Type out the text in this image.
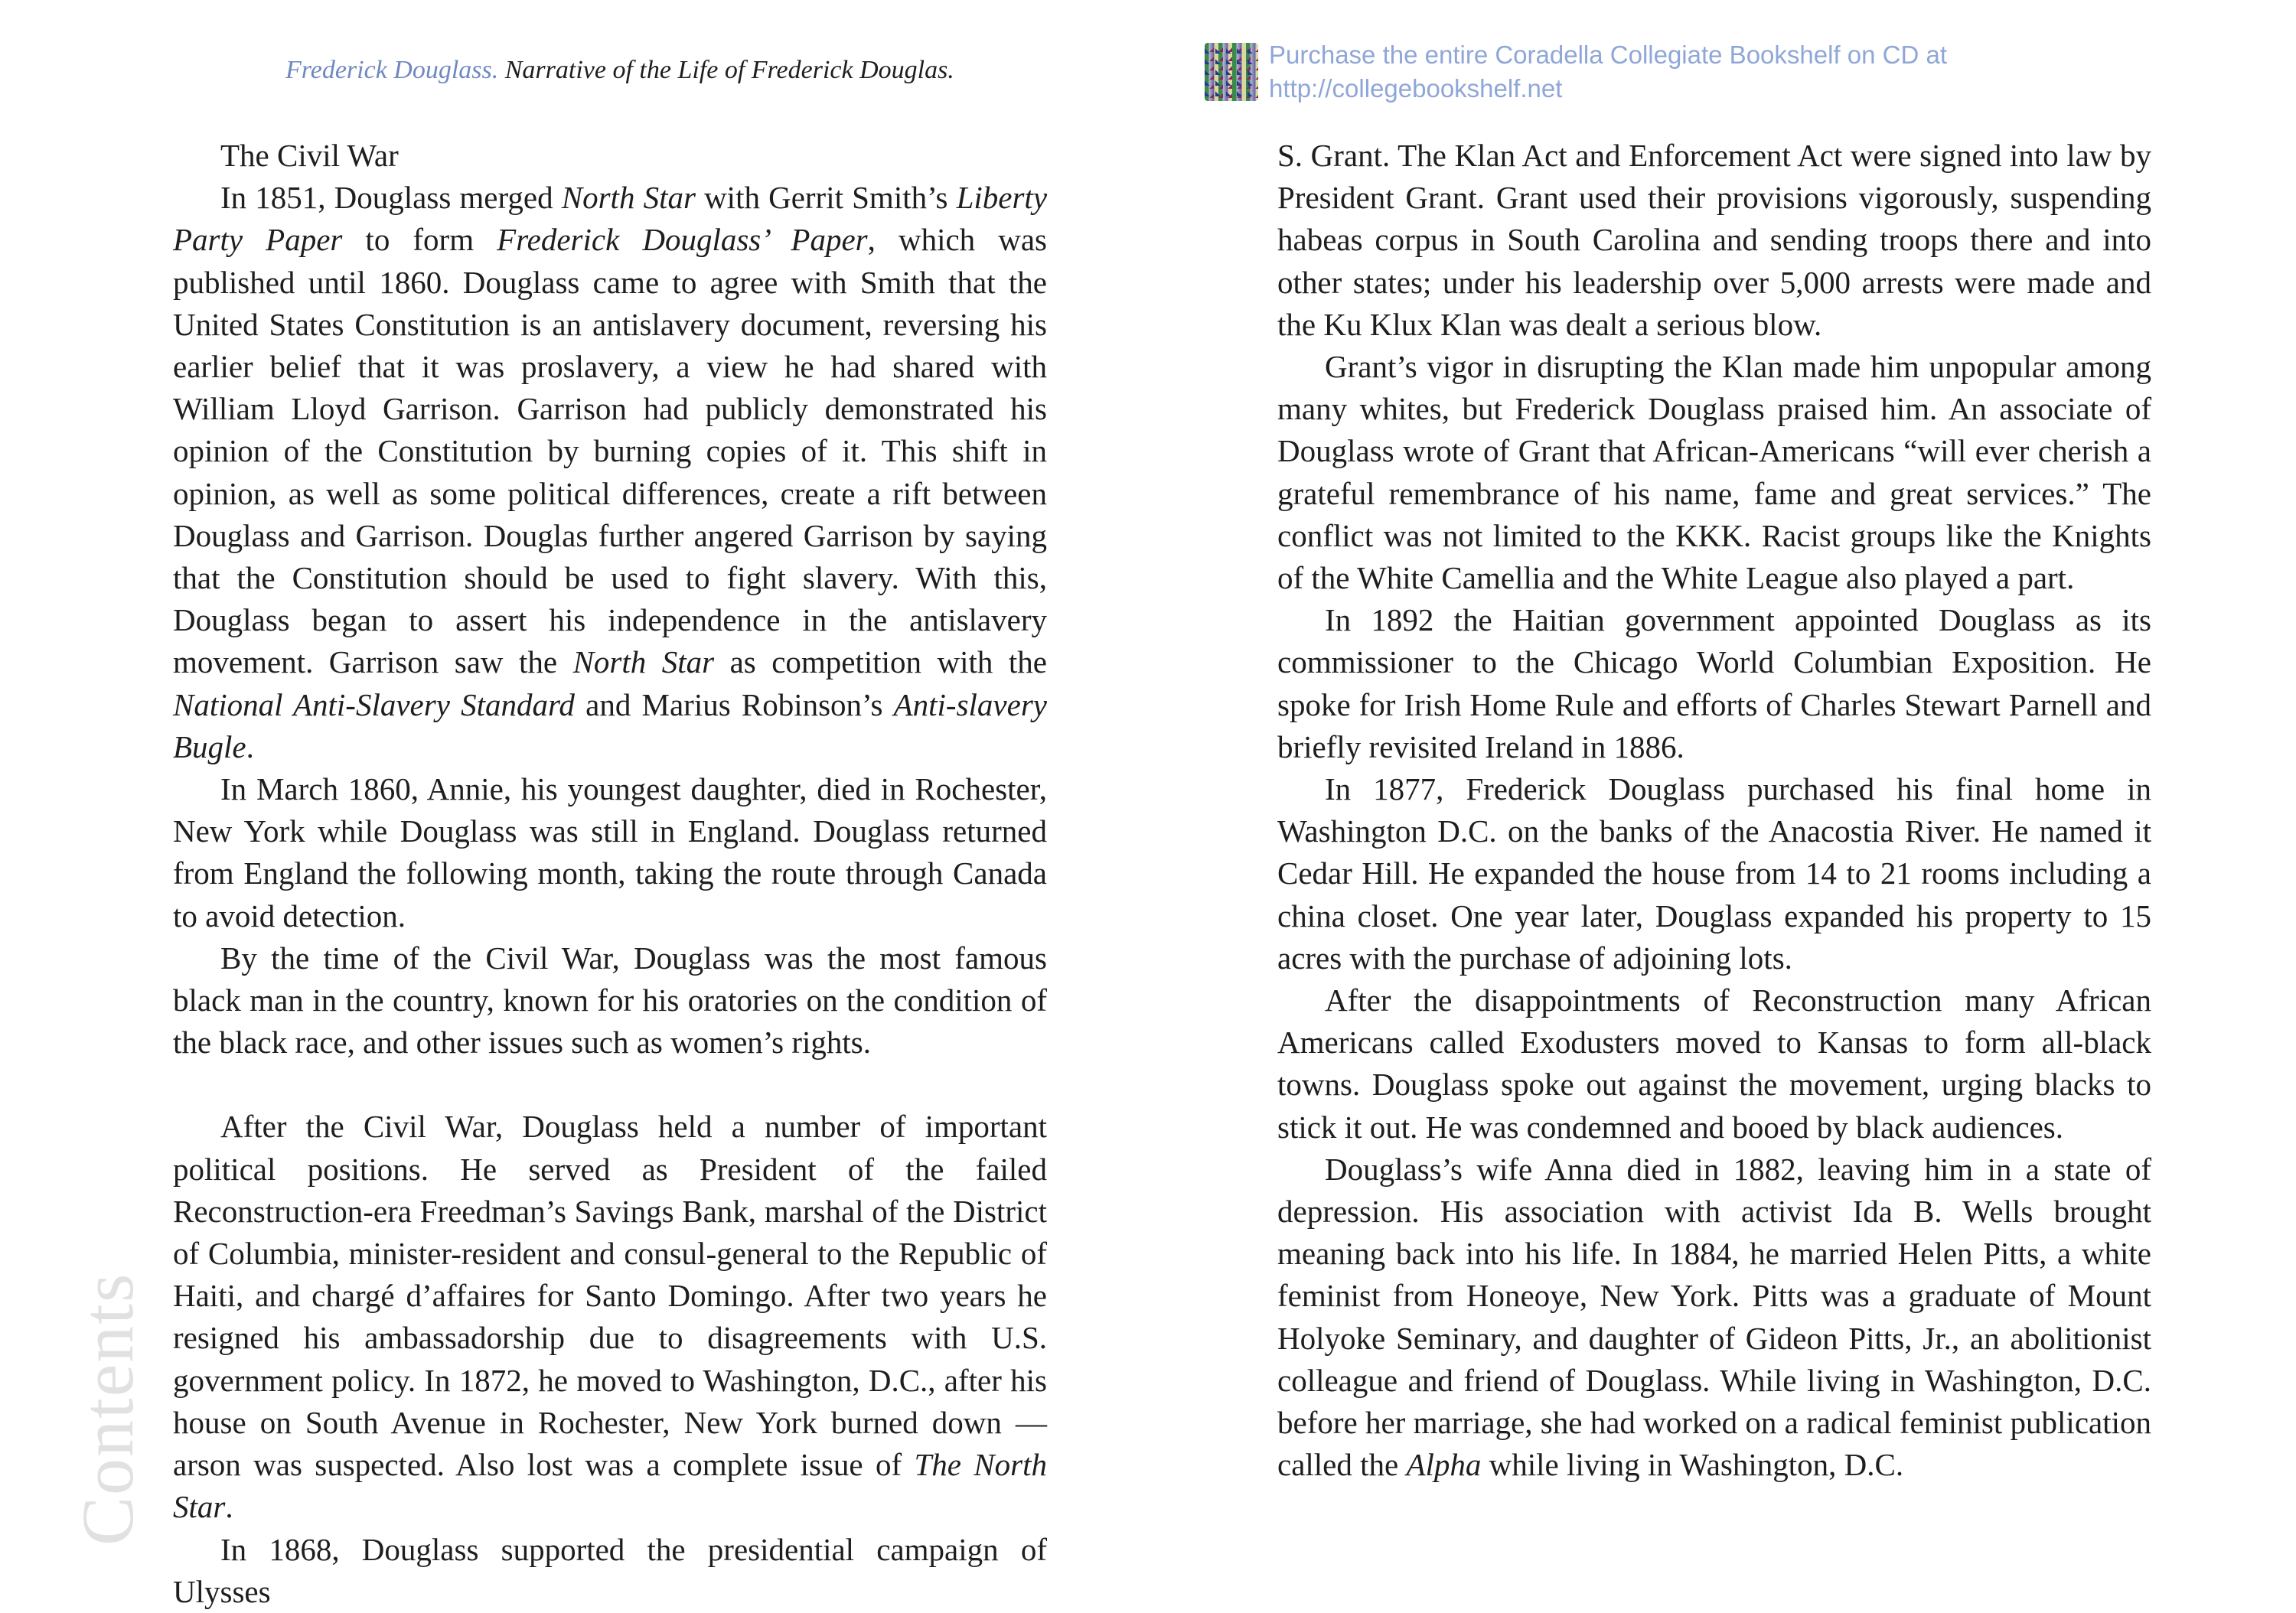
Frederick Douglass. Narrative of the Life of Frederick Douglas.
Purchase the entire Coradella Collegiate Bookshelf on CD at
http://collegebookshelf.net

The Civil War

In 1851, Douglass merged North Star with Gerrit Smith’s Liberty Party Paper to form Frederick Douglass’ Paper, which was published until 1860. Douglass came to agree with Smith that the United States Constitution is an antislavery document, reversing his earlier belief that it was proslavery, a view he had shared with William Lloyd Garrison. Garrison had publicly demonstrated his opinion of the Constitution by burning copies of it. This shift in opinion, as well as some political differences, create a rift between Douglass and Garrison. Douglas further angered Garrison by saying that the Constitution should be used to fight slavery. With this, Douglass began to assert his independence in the antislavery movement. Garrison saw the North Star as competition with the National Anti-Slavery Standard and Marius Robinson’s Anti-slavery Bugle.

In March 1860, Annie, his youngest daughter, died in Rochester, New York while Douglass was still in England. Douglass returned from England the following month, taking the route through Canada to avoid detection.

By the time of the Civil War, Douglass was the most famous black man in the country, known for his oratories on the condition of the black race, and other issues such as women’s rights.

After the Civil War, Douglass held a number of important political positions. He served as President of the failed Reconstruction-era Freedman’s Savings Bank, marshal of the District of Columbia, minister-resident and consul-general to the Republic of Haiti, and chargé d’affaires for Santo Domingo. After two years he resigned his ambassadorship due to disagreements with U.S. government policy. In 1872, he moved to Washington, D.C., after his house on South Avenue in Rochester, New York burned down — arson was suspected. Also lost was a complete issue of The North Star.

In 1868, Douglass supported the presidential campaign of Ulysses

S. Grant. The Klan Act and Enforcement Act were signed into law by President Grant. Grant used their provisions vigorously, suspending habeas corpus in South Carolina and sending troops there and into other states; under his leadership over 5,000 arrests were made and the Ku Klux Klan was dealt a serious blow.

Grant’s vigor in disrupting the Klan made him unpopular among many whites, but Frederick Douglass praised him. An associate of Douglass wrote of Grant that African-Americans “will ever cherish a grateful remembrance of his name, fame and great services.” The conflict was not limited to the KKK. Racist groups like the Knights of the White Camellia and the White League also played a part.

In 1892 the Haitian government appointed Douglass as its commissioner to the Chicago World Columbian Exposition. He spoke for Irish Home Rule and efforts of Charles Stewart Parnell and briefly revisited Ireland in 1886.

In 1877, Frederick Douglass purchased his final home in Washington D.C. on the banks of the Anacostia River. He named it Cedar Hill. He expanded the house from 14 to 21 rooms including a china closet. One year later, Douglass expanded his property to 15 acres with the purchase of adjoining lots.

After the disappointments of Reconstruction many African Americans called Exodusters moved to Kansas to form all-black towns. Douglass spoke out against the movement, urging blacks to stick it out. He was condemned and booed by black audiences.

Douglass’s wife Anna died in 1882, leaving him in a state of depression. His association with activist Ida B. Wells brought meaning back into his life. In 1884, he married Helen Pitts, a white feminist from Honeoye, New York. Pitts was a graduate of Mount Holyoke Seminary, and daughter of Gideon Pitts, Jr., an abolitionist colleague and friend of Douglass. While living in Washington, D.C. before her marriage, she had worked on a radical feminist publication called the Alpha while living in Washington, D.C.

Contents
